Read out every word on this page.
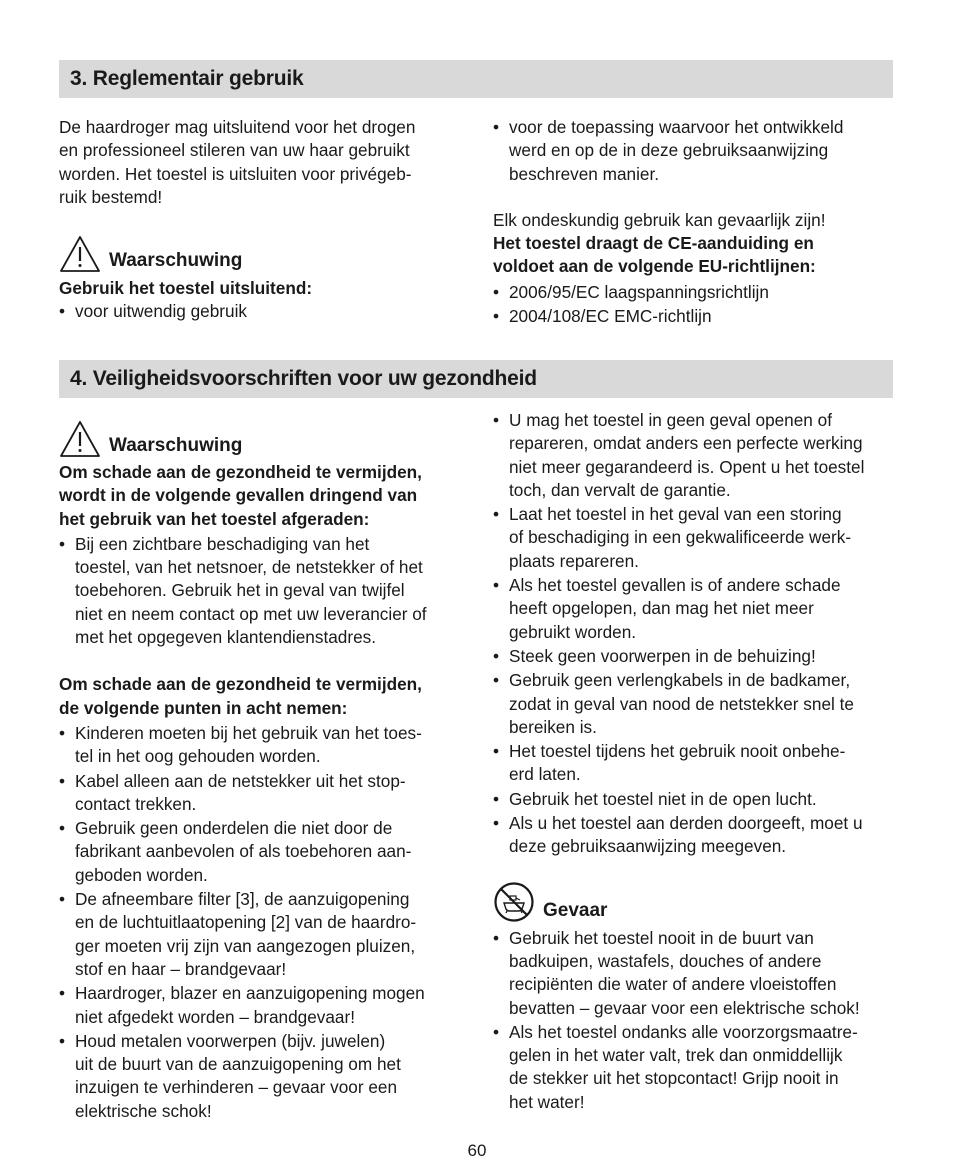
3. Reglementair gebruik

De haardroger mag uitsluitend voor het drogen
en professioneel stileren van uw haar gebruikt
worden. Het toestel is uitsluiten voor privégeb-
ruik bestemd!

Waarschuwing

Gebruik het toestel uitsluitend:

• voor uitwendig gebruik
• voor de toepassing waarvoor het ontwikkeld
werd en op de in deze gebruiksaanwijzing
beschreven manier.

Elk ondeskundig gebruik kan gevaarlijk zijn!

Het toestel draagt de CE-aanduiding en
voldoet aan de volgende EU-richtlijnen:

• 2006/95/EC laagspanningsrichtlijn
• 2004/108/EC EMC-richtlijn
4. Veiligheidsvoorschriften voor uw gezondheid
Waarschuwing

Om schade aan de gezondheid te vermijden,
wordt in de volgende gevallen dringend van
het gebruik van het toestel afgeraden:

• Bij een zichtbare beschadiging van het
toestel, van het netsnoer, de netstekker of het
toebehoren. Gebruik het in geval van twijfel
niet en neem contact op met uw leverancier of
met het opgegeven klantendienstadres.

Om schade aan de gezondheid te vermijden,
de volgende punten in acht nemen:

• Kinderen moeten bij het gebruik van het toes-
tel in het oog gehouden worden.
• Kabel alleen aan de netstekker uit het stop-
contact trekken.
• Gebruik geen onderdelen die niet door de
fabrikant aanbevolen of als toebehoren aan-
geboden worden.
• De afneembare filter [3], de aanzuigopening
en de luchtuitlaatopening [2] van de haardro-
ger moeten vrij zijn van aangezogen pluizen,
stof en haar – brandgevaar!
• Haardroger, blazer en aanzuigopening mogen
niet afgedekt worden – brandgevaar!
• Houd metalen voorwerpen (bijv. juwelen)
uit de buurt van de aanzuigopening om het
inzuigen te verhinderen – gevaar voor een
elektrische schok!
• U mag het toestel in geen geval openen of
repareren, omdat anders een perfecte werking
niet meer gegarandeerd is. Opent u het toestel
toch, dan vervalt de garantie.
• Laat het toestel in het geval van een storing
of beschadiging in een gekwalificeerde werk-
plaats repareren.
• Als het toestel gevallen is of andere schade
heeft opgelopen, dan mag het niet meer
gebruikt worden.
• Steek geen voorwerpen in de behuizing!
• Gebruik geen verlengkabels in de badkamer,
zodat in geval van nood de netstekker snel te
bereiken is.
• Het toestel tijdens het gebruik nooit onbehe-
erd laten.
• Gebruik het toestel niet in de open lucht.
• Als u het toestel aan derden doorgeeft, moet u
deze gebruiksaanwijzing meegeven.
Gevaar
• Gebruik het toestel nooit in de buurt van
badkuipen, wastafels, douches of andere
recipiënten die water of andere vloeistoffen
bevatten – gevaar voor een elektrische schok!
• Als het toestel ondanks alle voorzorgsmaatre-
gelen in het water valt, trek dan onmiddellijk
de stekker uit het stopcontact! Grijp nooit in
het water!
60
